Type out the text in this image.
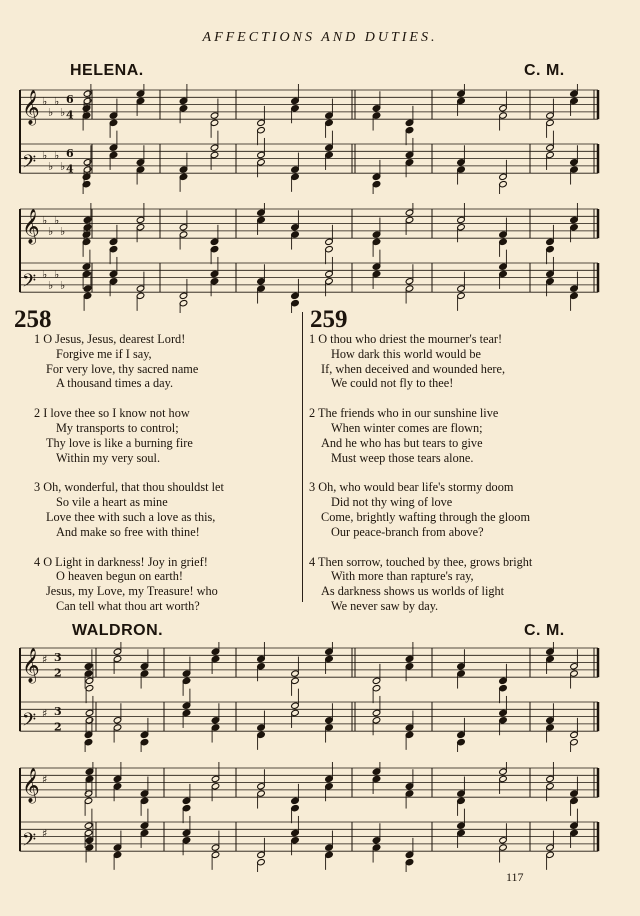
AFFECTIONS AND DUTIES.
HELENA.	C. M.
𝄞 ♭
♭
♭
♭
6
4
𝄢 ♭
♭
♭
♭
6
4
𝄞 ♭
♭
♭
♭
𝄢 ♭
♭
♭
♭
258	259
1 O Jesus, Jesus, dearest Lord!
Forgive me if I say,
For very love, thy sacred name
A thousand times a day.
2 I love thee so I know not how
My transports to control;
Thy love is like a burning fire
Within my very soul.
3 Oh, wonderful, that thou shouldst let
So vile a heart as mine
Love thee with such a love as this,
And make so free with thine!
4 O Light in darkness! Joy in grief!
O heaven begun on earth!
Jesus, my Love, my Treasure! who
Can tell what thou art worth?
1 O thou who driest the mourner's tear!
How dark this world would be
If, when deceived and wounded here,
We could not fly to thee!
2 The friends who in our sunshine live
When winter comes are flown;
And he who has but tears to give
Must weep those tears alone.
3 Oh, who would bear life's stormy doom
Did not thy wing of love
Come, brightly wafting through the gloom
Our peace-branch from above?
4 Then sorrow, touched by thee, grows bright
With more than rapture's ray,
As darkness shows us worlds of light
We never saw by day.
WALDRON.	C. M.
𝄞 ♯ 3
2
𝄢 ♯ 3
2
𝄞 ♯
𝄢 ♯
117
